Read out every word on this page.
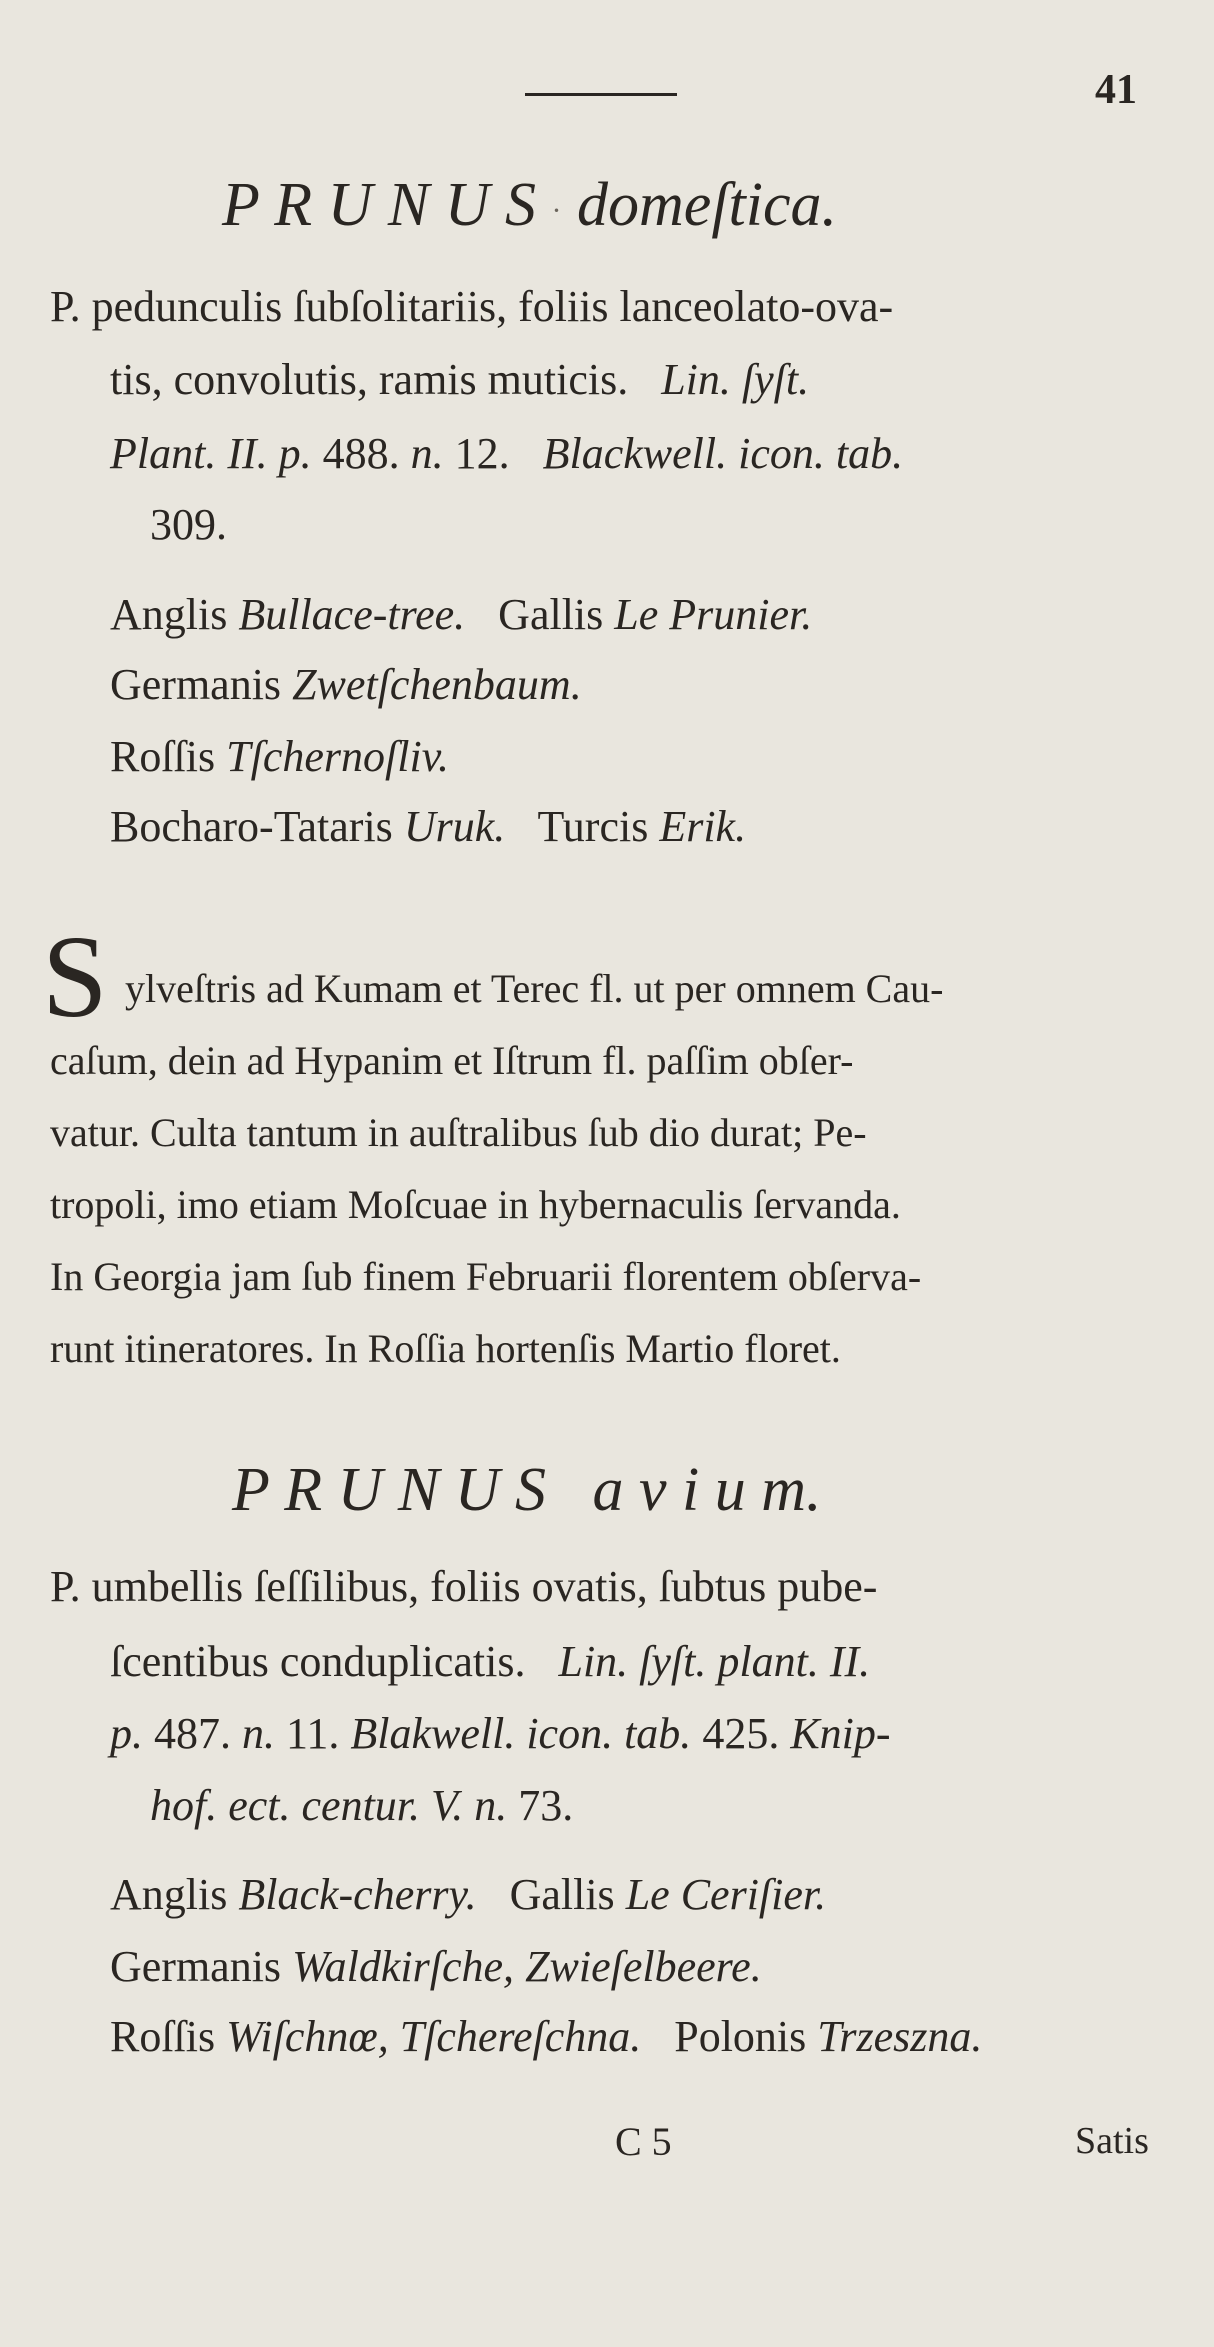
41
P R U N U S · domeſtica.
P. pedunculis ſubſolitariis, foliis lanceolato-ova-
tis, convolutis, ramis muticis. Lin. ſyſt.
Plant. II. p. 488. n. 12. Blackwell. icon. tab.
309.
Anglis Bullace-tree. Gallis Le Prunier.
Germanis Zwetſchenbaum.
Roſſis Tſchernoſliv.
Bocharo-Tataris Uruk. Turcis Erik.
S ylveſtris ad Kumam et Terec fl. ut per omnem Cau-
caſum, dein ad Hypanim et Iſtrum fl. paſſim obſer-
vatur. Culta tantum in auſtralibus ſub dio durat; Pe-
tropoli, imo etiam Moſcuae in hybernaculis ſervanda.
In Georgia jam ſub finem Februarii florentem obſerva-
runt itineratores. In Roſſia hortenſis Martio floret.
P R U N U S a v i u m.
P. umbellis ſeſſilibus, foliis ovatis, ſubtus pube-
ſcentibus conduplicatis. Lin. ſyſt. plant. II.
p. 487. n. 11. Blakwell. icon. tab. 425. Knip-
hof. ect. centur. V. n. 73.
Anglis Black-cherry. Gallis Le Ceriſier.
Germanis Waldkirſche, Zwieſelbeere.
Roſſis Wiſchnœ, Tſchereſchna. Polonis Trzeszna.
C 5	Satis
